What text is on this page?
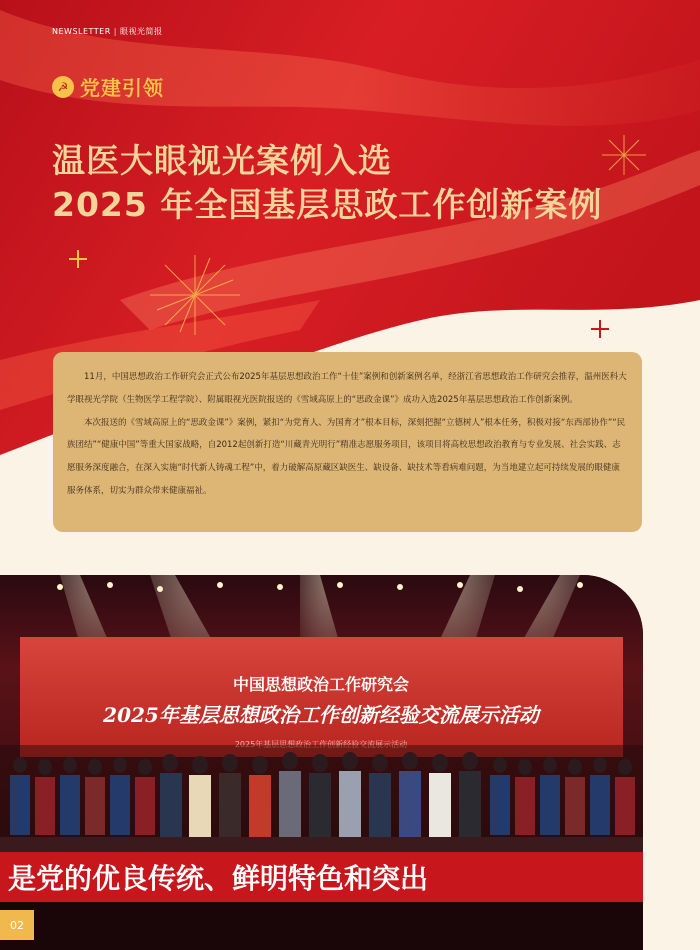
NEWSLETTER | 眼视光简报
☭ 党建引领
温医大眼视光案例入选
2025 年全国基层思政工作创新案例

11月，中国思想政治工作研究会正式公布2025年基层思想政治工作“十佳”案例和创新案例名单，经浙江省思想政治工作研究会推荐，温州医科大学眼视光学院（生物医学工程学院）、附属眼视光医院报送的《雪域高原上的“思政金课”》成功入选2025年基层思想政治工作创新案例。

本次报送的《雪域高原上的“思政金课”》案例，紧扣“为党育人、为国育才”根本目标，深刻把握“立德树人”根本任务，积极对接“东西部协作”“民族团结”“健康中国”等重大国家战略，自2012起创新打造“川藏青光明行”精准志愿服务项目，该项目将高校思想政治教育与专业发展、社会实践、志愿服务深度融合，在深入实施“时代新人铸魂工程”中，着力破解高原藏区缺医生、缺设备、缺技术等看病难问题，为当地建立起可持续发展的眼健康服务体系，切实为群众带来健康福祉。

中国思想政治工作研究会
2025年基层思想政治工作创新经验交流展示活动
2025年基层思想政治工作创新经验交流展示活动
是党的优良传统、鲜明特色和突出
02
